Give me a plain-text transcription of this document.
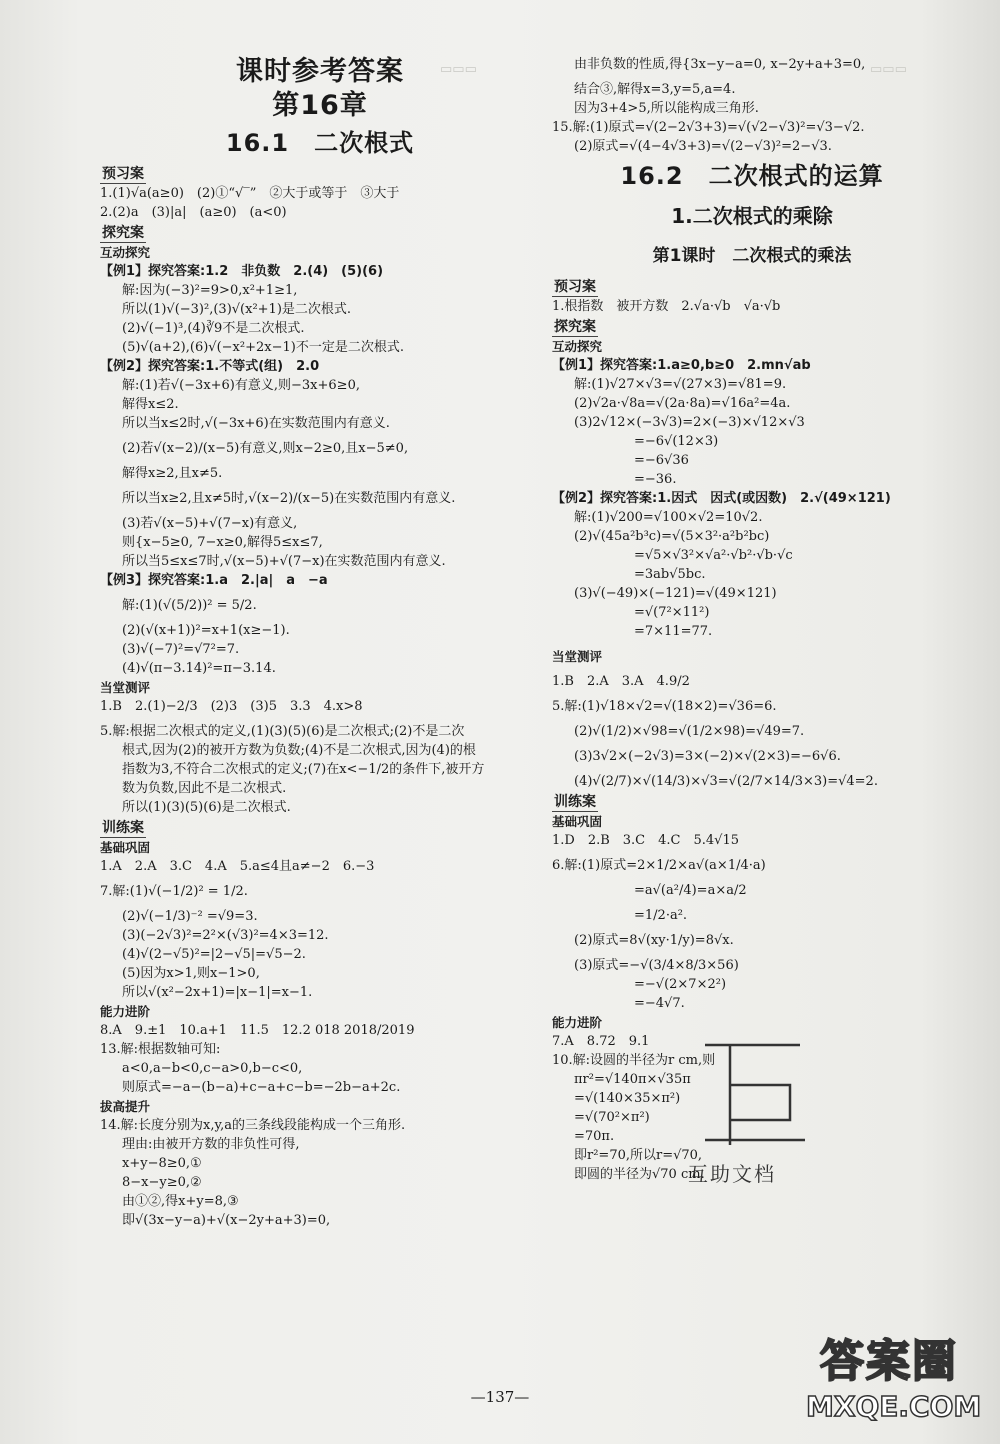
▭▭▭	▭▭▭
课时参考答案
第16章
16.1　二次根式
预习案
1.(1)√a(a≥0)　(2)①“√‾”　②大于或等于　③大于
2.(2)a　(3)|a|　(a≥0)　(a<0)
探究案
互动探究
【例1】探究答案:1.2　非负数　2.(4)　(5)(6)
解:因为(−3)²=9>0,x²+1≥1,
所以(1)√(−3)²,(3)√(x²+1)是二次根式.
(2)√(−1)³,(4)∛9不是二次根式.
(5)√(a+2),(6)√(−x²+2x−1)不一定是二次根式.
【例2】探究答案:1.不等式(组)　2.0
解:(1)若√(−3x+6)有意义,则−3x+6≥0,
解得x≤2.
所以当x≤2时,√(−3x+6)在实数范围内有意义.
(2)若√(x−2)/(x−5)有意义,则x−2≥0,且x−5≠0,
解得x≥2,且x≠5.
所以当x≥2,且x≠5时,√(x−2)/(x−5)在实数范围内有意义.
(3)若√(x−5)+√(7−x)有意义,
则{x−5≥0, 7−x≥0,解得5≤x≤7,
所以当5≤x≤7时,√(x−5)+√(7−x)在实数范围内有意义.
【例3】探究答案:1.a　2.|a|　a　−a
解:(1)(√(5/2))² = 5/2.
(2)(√(x+1))²=x+1(x≥−1).
(3)√(−7)²=√7²=7.
(4)√(π−3.14)²=π−3.14.
当堂测评
1.B　2.(1)−2/3　(2)3　(3)5　3.3　4.x>8
5.解:根据二次根式的定义,(1)(3)(5)(6)是二次根式;(2)不是二次
根式,因为(2)的被开方数为负数;(4)不是二次根式,因为(4)的根
指数为3,不符合二次根式的定义;(7)在x<−1/2的条件下,被开方
数为负数,因此不是二次根式.
所以(1)(3)(5)(6)是二次根式.
训练案
基础巩固
1.A　2.A　3.C　4.A　5.a≤4且a≠−2　6.−3
7.解:(1)√(−1/2)² = 1/2.
(2)√(−1/3)⁻² =√9=3.
(3)(−2√3)²=2²×(√3)²=4×3=12.
(4)√(2−√5)²=|2−√5|=√5−2.
(5)因为x>1,则x−1>0,
所以√(x²−2x+1)=|x−1|=x−1.
能力进阶
8.A　9.±1　10.a+1　11.5　12.2 018 2018/2019
13.解:根据数轴可知:
a<0,a−b<0,c−a>0,b−c<0,
则原式=−a−(b−a)+c−a+c−b=−2b−a+2c.
拔高提升
14.解:长度分别为x,y,a的三条线段能构成一个三角形.
理由:由被开方数的非负性可得,
x+y−8≥0,①
8−x−y≥0,②
由①②,得x+y=8,③
即√(3x−y−a)+√(x−2y+a+3)=0,
由非负数的性质,得{3x−y−a=0, x−2y+a+3=0,
结合③,解得x=3,y=5,a=4.
因为3+4>5,所以能构成三角形.
15.解:(1)原式=√(2−2√3+3)=√(√2−√3)²=√3−√2.
(2)原式=√(4−4√3+3)=√(2−√3)²=2−√3.
16.2　二次根式的运算
1.二次根式的乘除
第1课时　二次根式的乘法
预习案
1.根指数　被开方数　2.√a·√b　√a·√b
探究案
互动探究
【例1】探究答案:1.a≥0,b≥0　2.mn√ab
解:(1)√27×√3=√(27×3)=√81=9.
(2)√2a·√8a=√(2a·8a)=√16a²=4a.
(3)2√12×(−3√3)=2×(−3)×√12×√3
=−6√(12×3)
=−6√36
=−36.
【例2】探究答案:1.因式　因式(或因数)　2.√(49×121)
解:(1)√200=√100×√2=10√2.
(2)√(45a²b³c)=√(5×3²·a²b²bc)
=√5×√3²×√a²·√b²·√b·√c
=3ab√5bc.
(3)√(−49)×(−121)=√(49×121)
=√(7²×11²)
=7×11=77.
当堂测评
1.B　2.A　3.A　4.9/2
5.解:(1)√18×√2=√(18×2)=√36=6.
(2)√(1/2)×√98=√(1/2×98)=√49=7.
(3)3√2×(−2√3)=3×(−2)×√(2×3)=−6√6.
(4)√(2/7)×√(14/3)×√3=√(2/7×14/3×3)=√4=2.
训练案
基础巩固
1.D　2.B　3.C　4.C　5.4√15
6.解:(1)原式=2×1/2×a√(a×1/4·a)
=a√(a²/4)=a×a/2
=1/2·a².
(2)原式=8√(xy·1/y)=8√x.
(3)原式=−√(3/4×8/3×56)
=−√(2×7×2²)
=−4√7.
能力进阶
7.A　8.72　9.1
10.解:设圆的半径为r cm,则
πr²=√140π×√35π
=√(140×35×π²)
=√(70²×π²)
=70π.
即r²=70,所以r=√70,
即圆的半径为√70 cm.
互助文档
—137—
答案圈
MXQE.COM
